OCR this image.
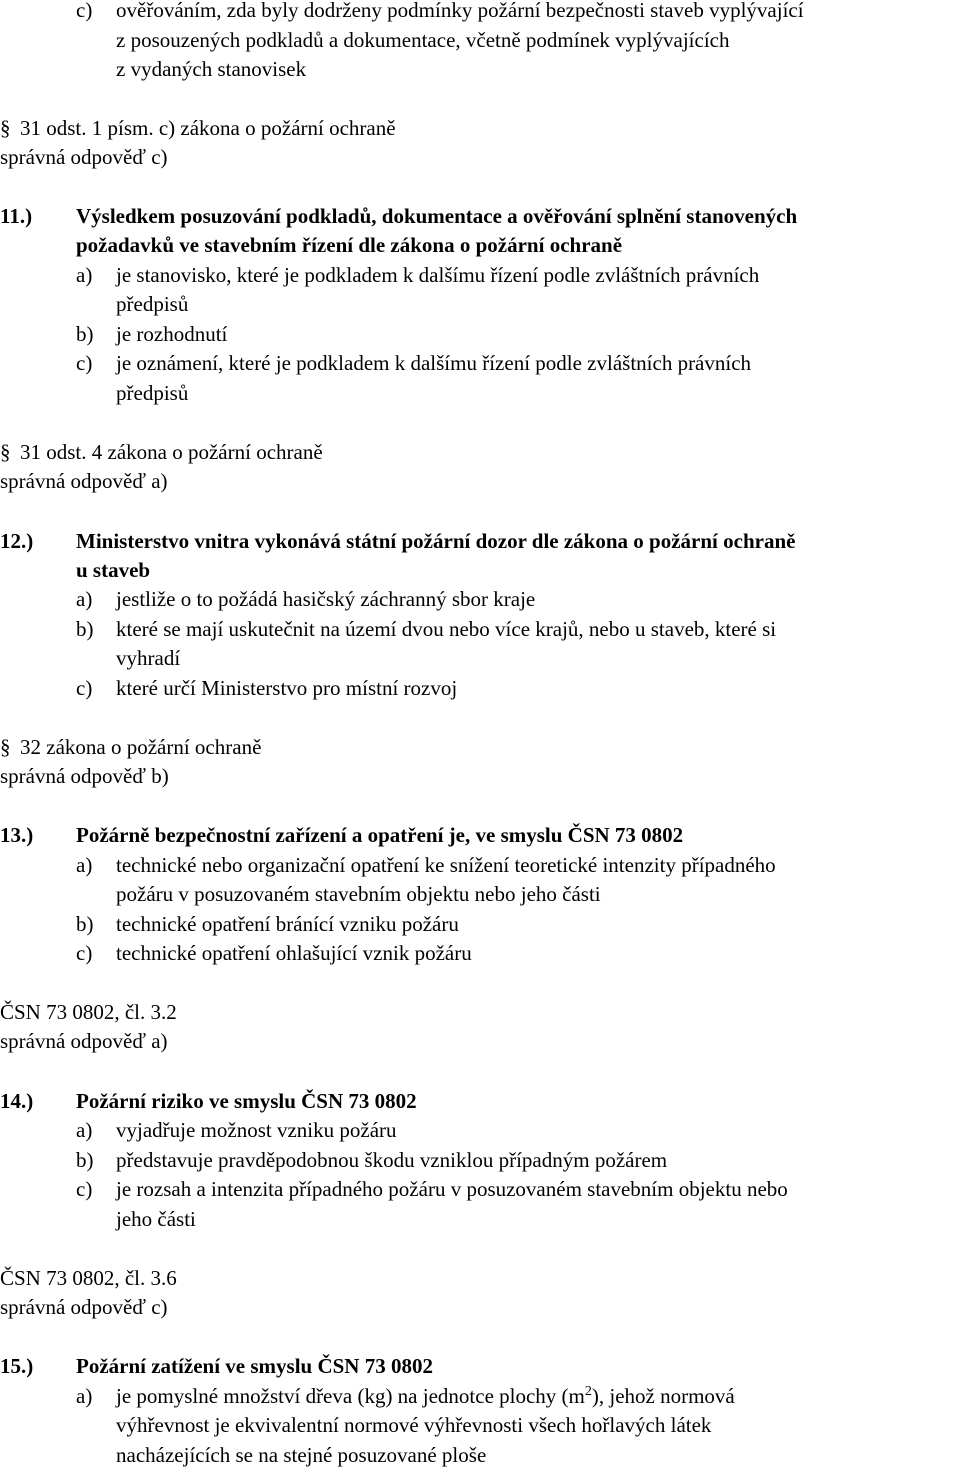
c) ověřováním, zda byly dodrženy podmínky požární bezpečnosti staveb vyplývající
z posouzených podkladů a dokumentace, včetně podmínek vyplývajících
z vydaných stanovisek
§ 31 odst. 1 písm. c) zákona o požární ochraně
správná odpověď c)
11.) Výsledkem posuzování podkladů, dokumentace a ověřování splnění stanovených
požadavků ve stavebním řízení dle zákona o požární ochraně
a) je stanovisko, které je podkladem k dalšímu řízení podle zvláštních právních
předpisů
b) je rozhodnutí
c) je oznámení, které je podkladem k dalšímu řízení podle zvláštních právních
předpisů
§ 31 odst. 4 zákona o požární ochraně
správná odpověď a)
12.) Ministerstvo vnitra vykonává státní požární dozor dle zákona o požární ochraně
u staveb
a) jestliže o to požádá hasičský záchranný sbor kraje
b) které se mají uskutečnit na území dvou nebo více krajů, nebo u staveb, které si
vyhradí
c) které určí Ministerstvo pro místní rozvoj
§ 32 zákona o požární ochraně
správná odpověď b)
13.) Požárně bezpečnostní zařízení a opatření je, ve smyslu ČSN 73 0802
a) technické nebo organizační opatření ke snížení teoretické intenzity případného
požáru v posuzovaném stavebním objektu nebo jeho části
b) technické opatření bránící vzniku požáru
c) technické opatření ohlašující vznik požáru
ČSN 73 0802, čl. 3.2
správná odpověď a)
14.) Požární riziko ve smyslu ČSN 73 0802
a) vyjadřuje možnost vzniku požáru
b) představuje pravděpodobnou škodu vzniklou případným požárem
c) je rozsah a intenzita případného požáru v posuzovaném stavebním objektu nebo
jeho části
ČSN 73 0802, čl. 3.6
správná odpověď c)
15.) Požární zatížení ve smyslu ČSN 73 0802
a) je pomyslné množství dřeva (kg) na jednotce plochy $(m^2)$, jehož normová
výhřevnost je ekvivalentní normové výhřevnosti všech hořlavých látek
nacházejících se na stejné posuzované ploše
